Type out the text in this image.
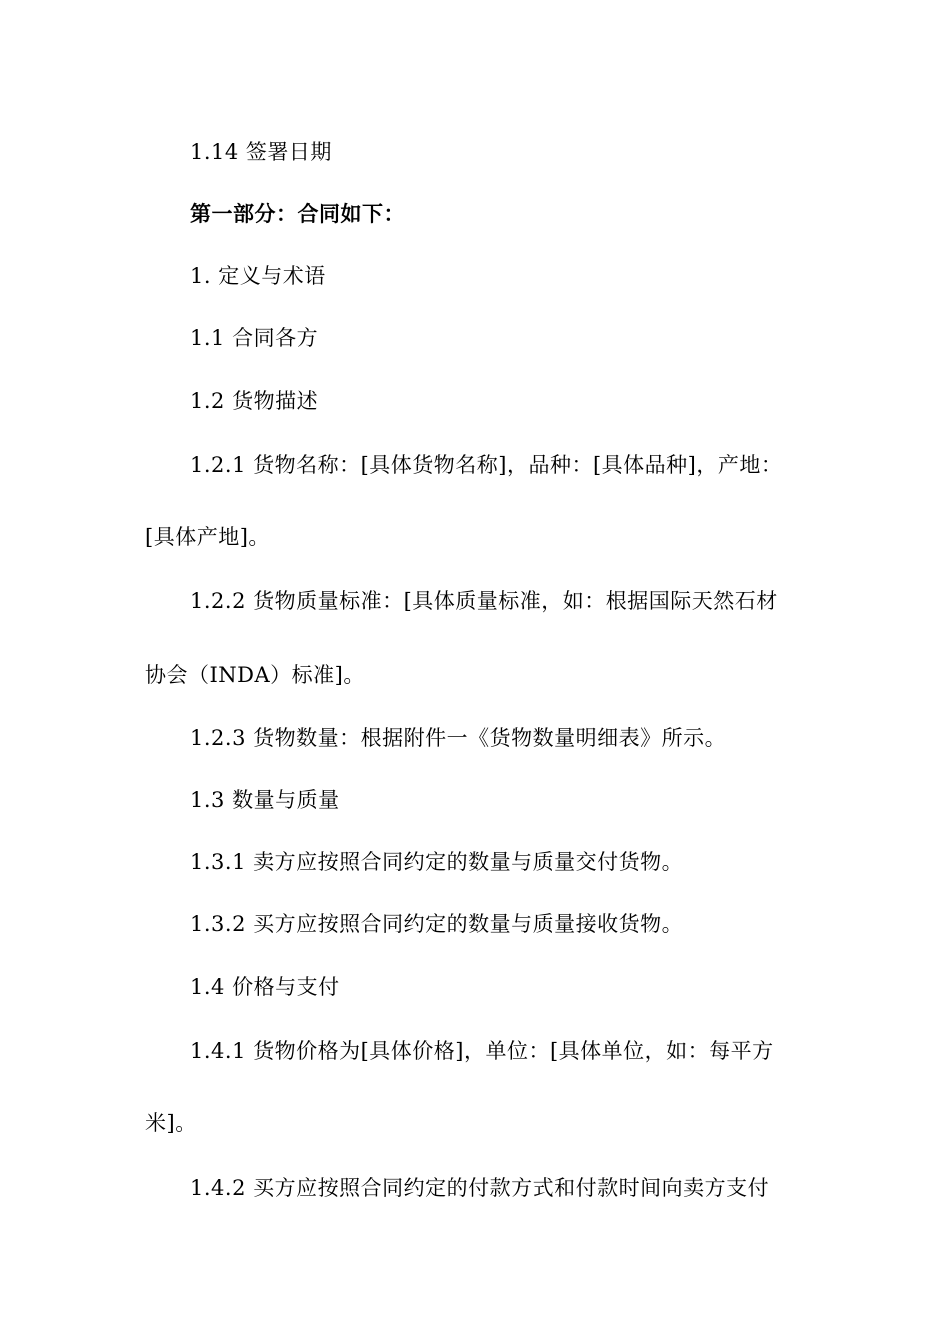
1.14 签署日期
第一部分：合同如下：
1. 定义与术语
1.1 合同各方
1.2 货物描述
1.2.1 货物名称：[具体货物名称]，品种：[具体品种]，产地：
[具体产地]。
1.2.2 货物质量标准：[具体质量标准，如：根据国际天然石材
协会（INDA）标准]。
1.2.3 货物数量：根据附件一《货物数量明细表》所示。
1.3 数量与质量
1.3.1 卖方应按照合同约定的数量与质量交付货物。
1.3.2 买方应按照合同约定的数量与质量接收货物。
1.4 价格与支付
1.4.1 货物价格为[具体价格]，单位：[具体单位，如：每平方
米]。
1.4.2 买方应按照合同约定的付款方式和付款时间向卖方支付
